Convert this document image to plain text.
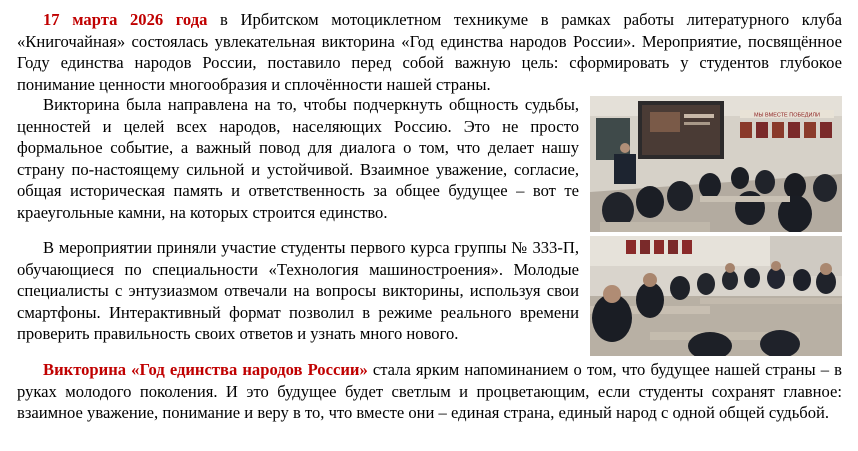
17 марта 2026 года в Ирбитском мотоциклетном техникуме в рамках работы литературного клуба «Книгочайная» состоялась увлекательная викторина «Год единства народов России». Мероприятие, посвящённое Году единства народов России, поставило перед собой важную цель: сформировать у студентов глубокое понимание ценности многообразия и сплочённости нашей страны.

Викторина была направлена на то, чтобы подчеркнуть общность судьбы, ценностей и целей всех народов, населяющих Россию. Это не просто формальное событие, а важный повод для диалога о том, что делает нашу страну по-настоящему сильной и устойчивой. Взаимное уважение, согласие, общая историческая память и ответственность за общее будущее – вот те краеугольные камни, на которых строится единство.

МЫ ВМЕСТЕ ПОБЕДИЛИ

В мероприятии приняли участие студенты первого курса группы № 333-П, обучающиеся по специальности «Технология машиностроения». Молодые специалисты с энтузиазмом отвечали на вопросы викторины, используя свои смартфоны. Интерактивный формат позволил в режиме реального времени проверить правильность своих ответов и узнать много нового.

Викторина «Год единства народов России» стала ярким напоминанием о том, что будущее нашей страны – в руках молодого поколения. И это будущее будет светлым и процветающим, если студенты сохранят главное: взаимное уважение, понимание и веру в то, что вместе они – единая страна, единый народ с одной общей судьбой.
